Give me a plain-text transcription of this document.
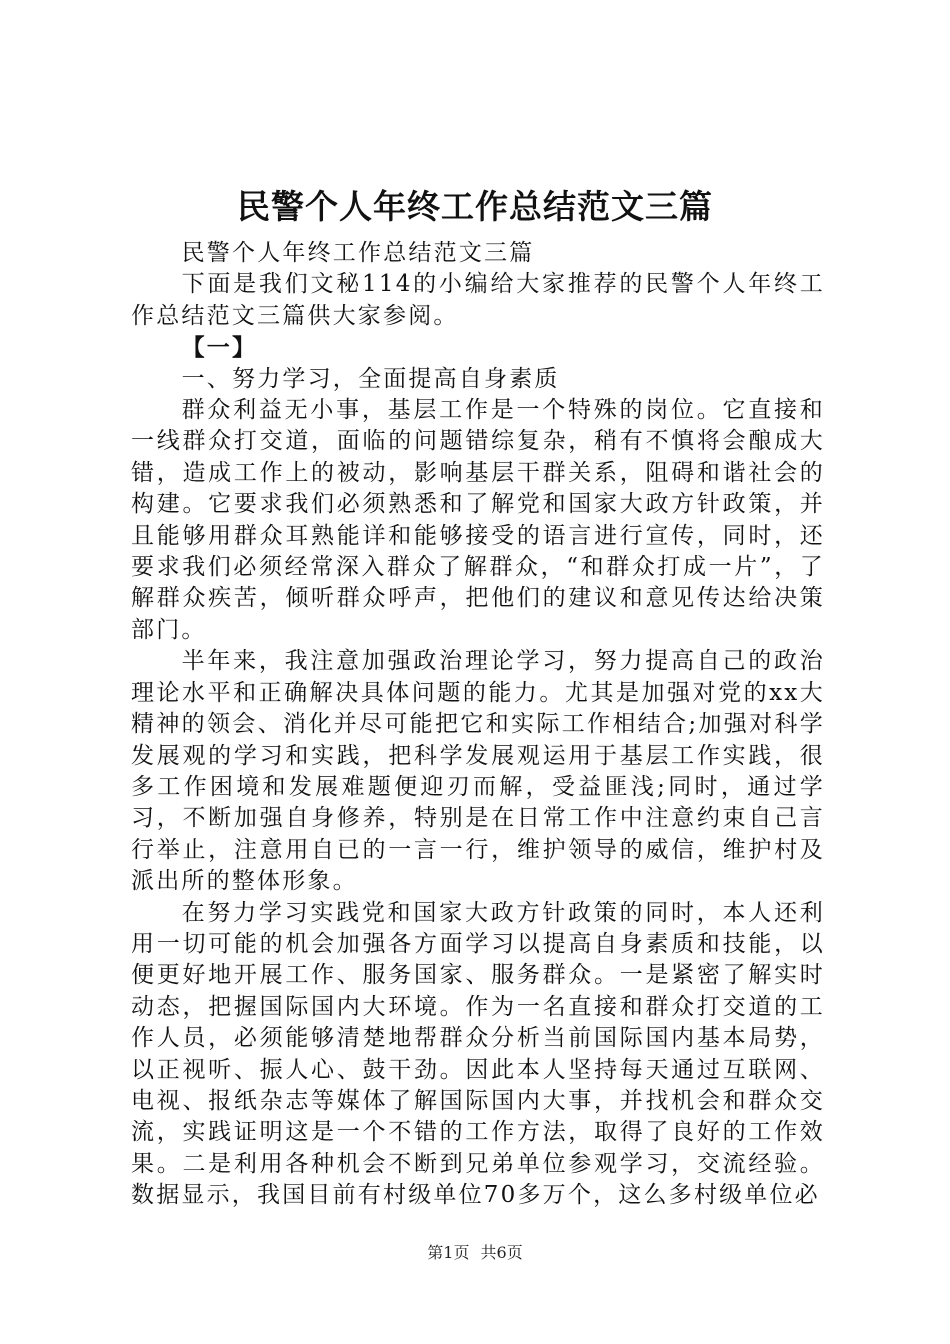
民警个人年终工作总结范文三篇

民警个人年终工作总结范文三篇

下面是我们文秘114的小编给大家推荐的民警个人年终工作总结范文三篇供大家参阅。

【一】

一、努力学习，全面提高自身素质

群众利益无小事，基层工作是一个特殊的岗位。它直接和一线群众打交道，面临的问题错综复杂，稍有不慎将会酿成大错，造成工作上的被动，影响基层干群关系，阻碍和谐社会的构建。它要求我们必须熟悉和了解党和国家大政方针政策，并且能够用群众耳熟能详和能够接受的语言进行宣传，同时，还要求我们必须经常深入群众了解群众，“和群众打成一片”，了解群众疾苦，倾听群众呼声，把他们的建议和意见传达给决策部门。

半年来，我注意加强政治理论学习，努力提高自己的政治理论水平和正确解决具体问题的能力。尤其是加强对党的xx大精神的领会、消化并尽可能把它和实际工作相结合;加强对科学发展观的学习和实践，把科学发展观运用于基层工作实践，很多工作困境和发展难题便迎刃而解，受益匪浅;同时，通过学习，不断加强自身修养，特别是在日常工作中注意约束自己言行举止，注意用自已的一言一行，维护领导的威信，维护村及派出所的整体形象。

在努力学习实践党和国家大政方针政策的同时，本人还利用一切可能的机会加强各方面学习以提高自身素质和技能，以便更好地开展工作、服务国家、服务群众。一是紧密了解实时动态，把握国际国内大环境。作为一名直接和群众打交道的工作人员，必须能够清楚地帮群众分析当前国际国内基本局势，以正视听、振人心、鼓干劲。因此本人坚持每天通过互联网、电视、报纸杂志等媒体了解国际国内大事，并找机会和群众交流，实践证明这是一个不错的工作方法，取得了良好的工作效果。二是利用各种机会不断到兄弟单位参观学习，交流经验。数据显示，我国目前有村级单位70多万个，这么多村级单位必

第1页 共6页
